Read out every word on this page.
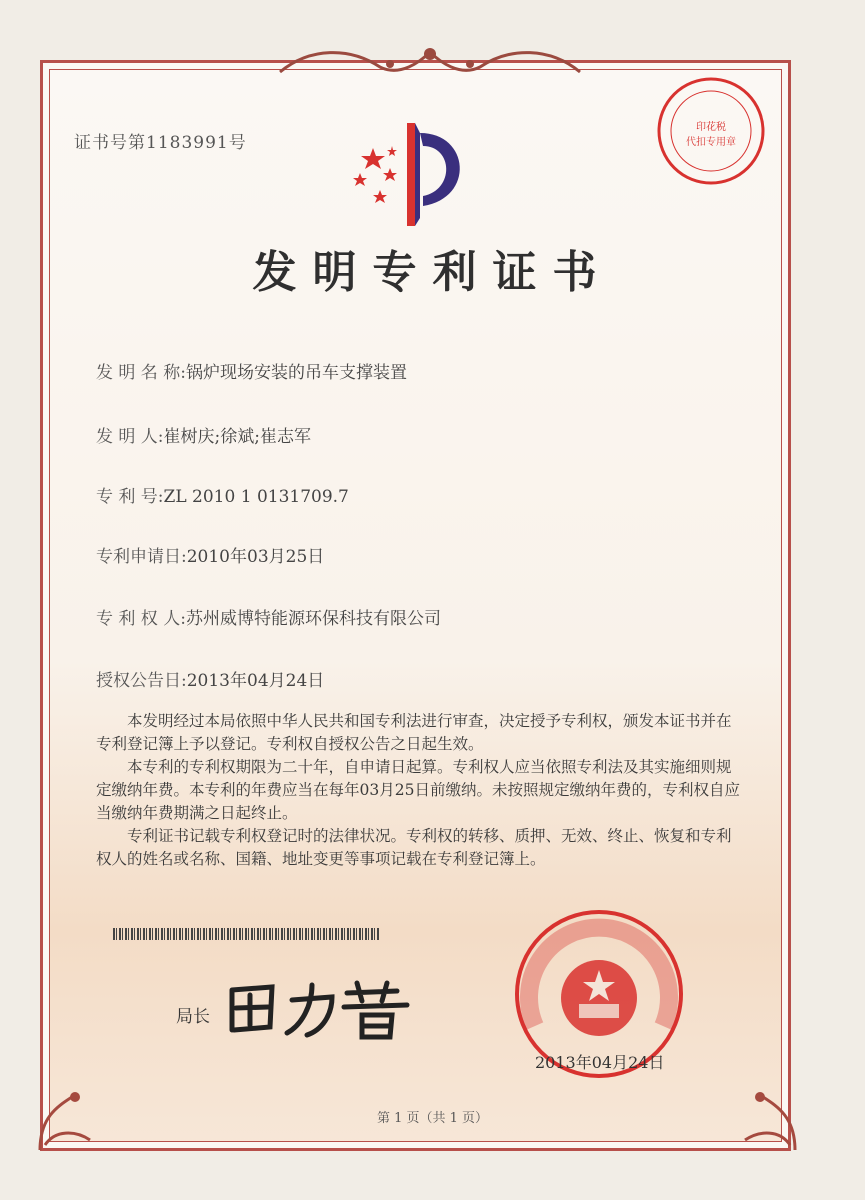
证书号第1183991号
印花税
代扣专用章
发明专利证书
发 明 名 称:锅炉现场安装的吊车支撑装置
发 明 人:崔树庆;徐斌;崔志军
专 利 号:ZL 2010 1 0131709.7
专利申请日:2010年03月25日
专 利 权 人:苏州威博特能源环保科技有限公司
授权公告日:2013年04月24日

本发明经过本局依照中华人民共和国专利法进行审查，决定授予专利权，颁发本证书并在专利登记簿上予以登记。专利权自授权公告之日起生效。

本专利的专利权期限为二十年，自申请日起算。专利权人应当依照专利法及其实施细则规定缴纳年费。本专利的年费应当在每年03月25日前缴纳。未按照规定缴纳年费的，专利权自应当缴纳年费期满之日起终止。

专利证书记载专利权登记时的法律状况。专利权的转移、质押、无效、终止、恢复和专利权人的姓名或名称、国籍、地址变更等事项记载在专利登记簿上。

局长
2013年04月24日
第 1 页（共 1 页）
